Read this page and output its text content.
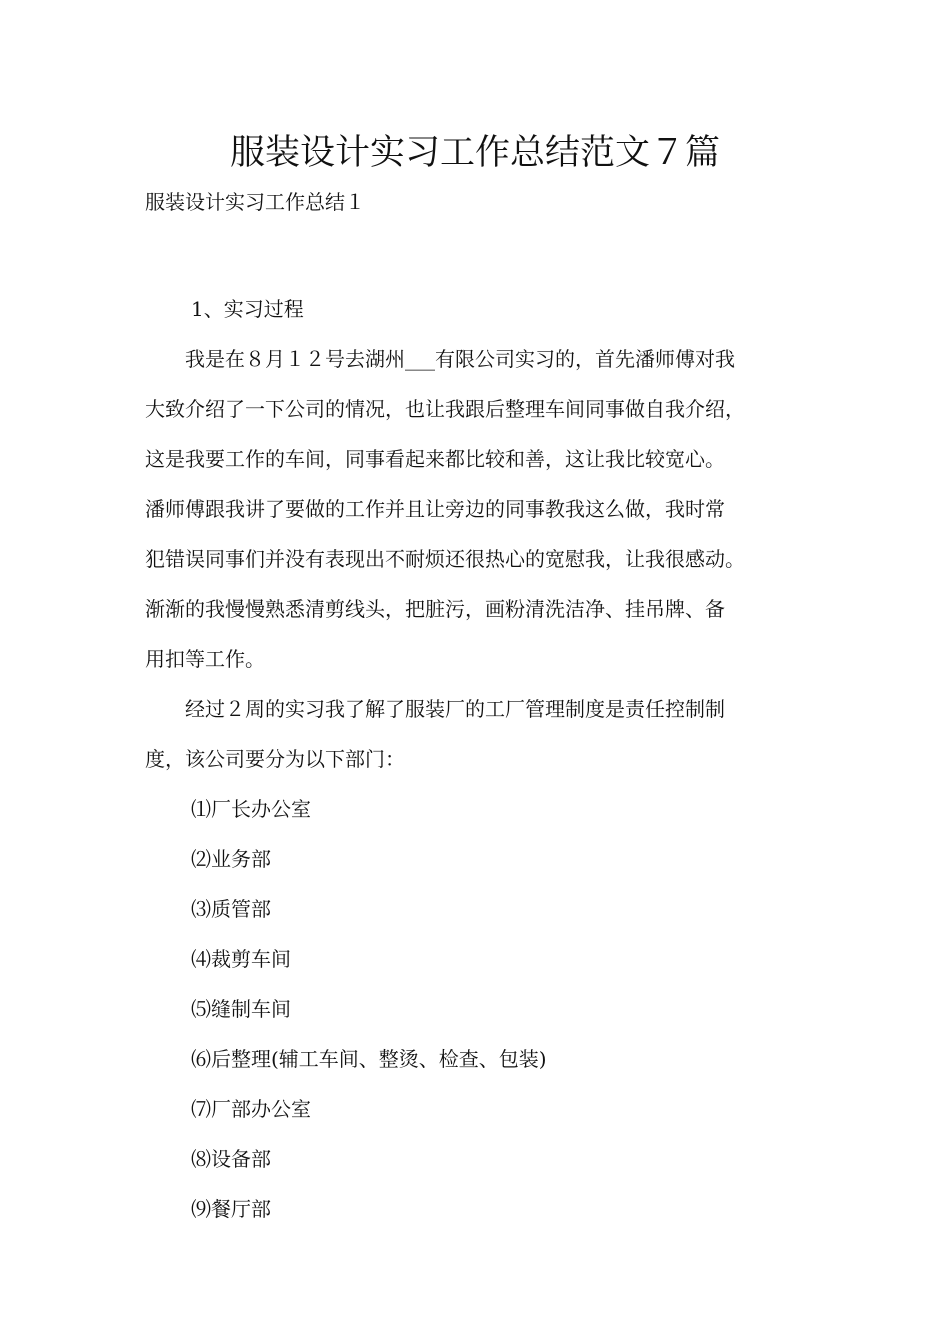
服装设计实习工作总结范文７篇

服装设计实习工作总结１

1、实习过程

我是在８月１２号去湖州___有限公司实习的，首先潘师傅对我

大致介绍了一下公司的情况，也让我跟后整理车间同事做自我介绍，

这是我要工作的车间，同事看起来都比较和善，这让我比较宽心。

潘师傅跟我讲了要做的工作并且让旁边的同事教我这么做，我时常

犯错误同事们并没有表现出不耐烦还很热心的宽慰我，让我很感动。

渐渐的我慢慢熟悉清剪线头，把脏污，画粉清洗洁净、挂吊牌、备

用扣等工作。

经过２周的实习我了解了服装厂的工厂管理制度是责任控制制

度，该公司要分为以下部门：

⑴厂长办公室

⑵业务部

⑶质管部

⑷裁剪车间

⑸缝制车间

⑹后整理(辅工车间、整烫、检查、包装)

⑺厂部办公室

⑻设备部

⑼餐厅部
